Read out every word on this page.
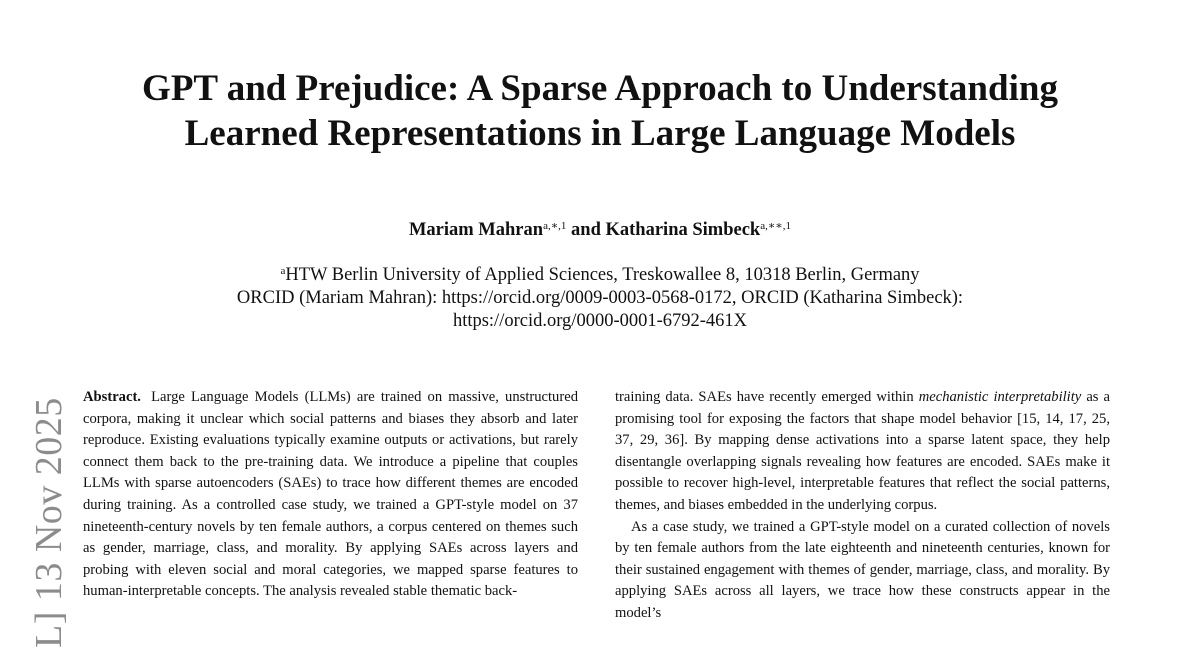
GPT and Prejudice: A Sparse Approach to Understanding Learned Representations in Large Language Models
Mariam Mahran$^{a,∗,1}$ and Katharina Simbeck$^{a,∗∗,1}$
$^a$HTW Berlin University of Applied Sciences, Treskowallee 8, 10318 Berlin, Germany
ORCID (Mariam Mahran): https://orcid.org/0009-0003-0568-0172, ORCID (Katharina Simbeck):
https://orcid.org/0000-0001-6792-461X
L] 13 Nov 2025

Abstract. Large Language Models (LLMs) are trained on massive, unstructured corpora, making it unclear which social patterns and biases they absorb and later reproduce. Existing evaluations typically examine outputs or activations, but rarely connect them back to the pre-training data. We introduce a pipeline that couples LLMs with sparse autoencoders (SAEs) to trace how different themes are encoded during training. As a controlled case study, we trained a GPT-style model on 37 nineteenth-century novels by ten female authors, a corpus centered on themes such as gender, marriage, class, and morality. By applying SAEs across layers and probing with eleven social and moral categories, we mapped sparse features to human-interpretable concepts. The analysis revealed stable thematic back-

training data. SAEs have recently emerged within mechanistic interpretability as a promising tool for exposing the factors that shape model behavior [15, 14, 17, 25, 37, 29, 36]. By mapping dense activations into a sparse latent space, they help disentangle overlapping signals revealing how features are encoded. SAEs make it possible to recover high-level, interpretable features that reflect the social patterns, themes, and biases embedded in the underlying corpus.

As a case study, we trained a GPT-style model on a curated collection of novels by ten female authors from the late eighteenth and nineteenth centuries, known for their sustained engagement with themes of gender, marriage, class, and morality. By applying SAEs across all layers, we trace how these constructs appear in the model’s
